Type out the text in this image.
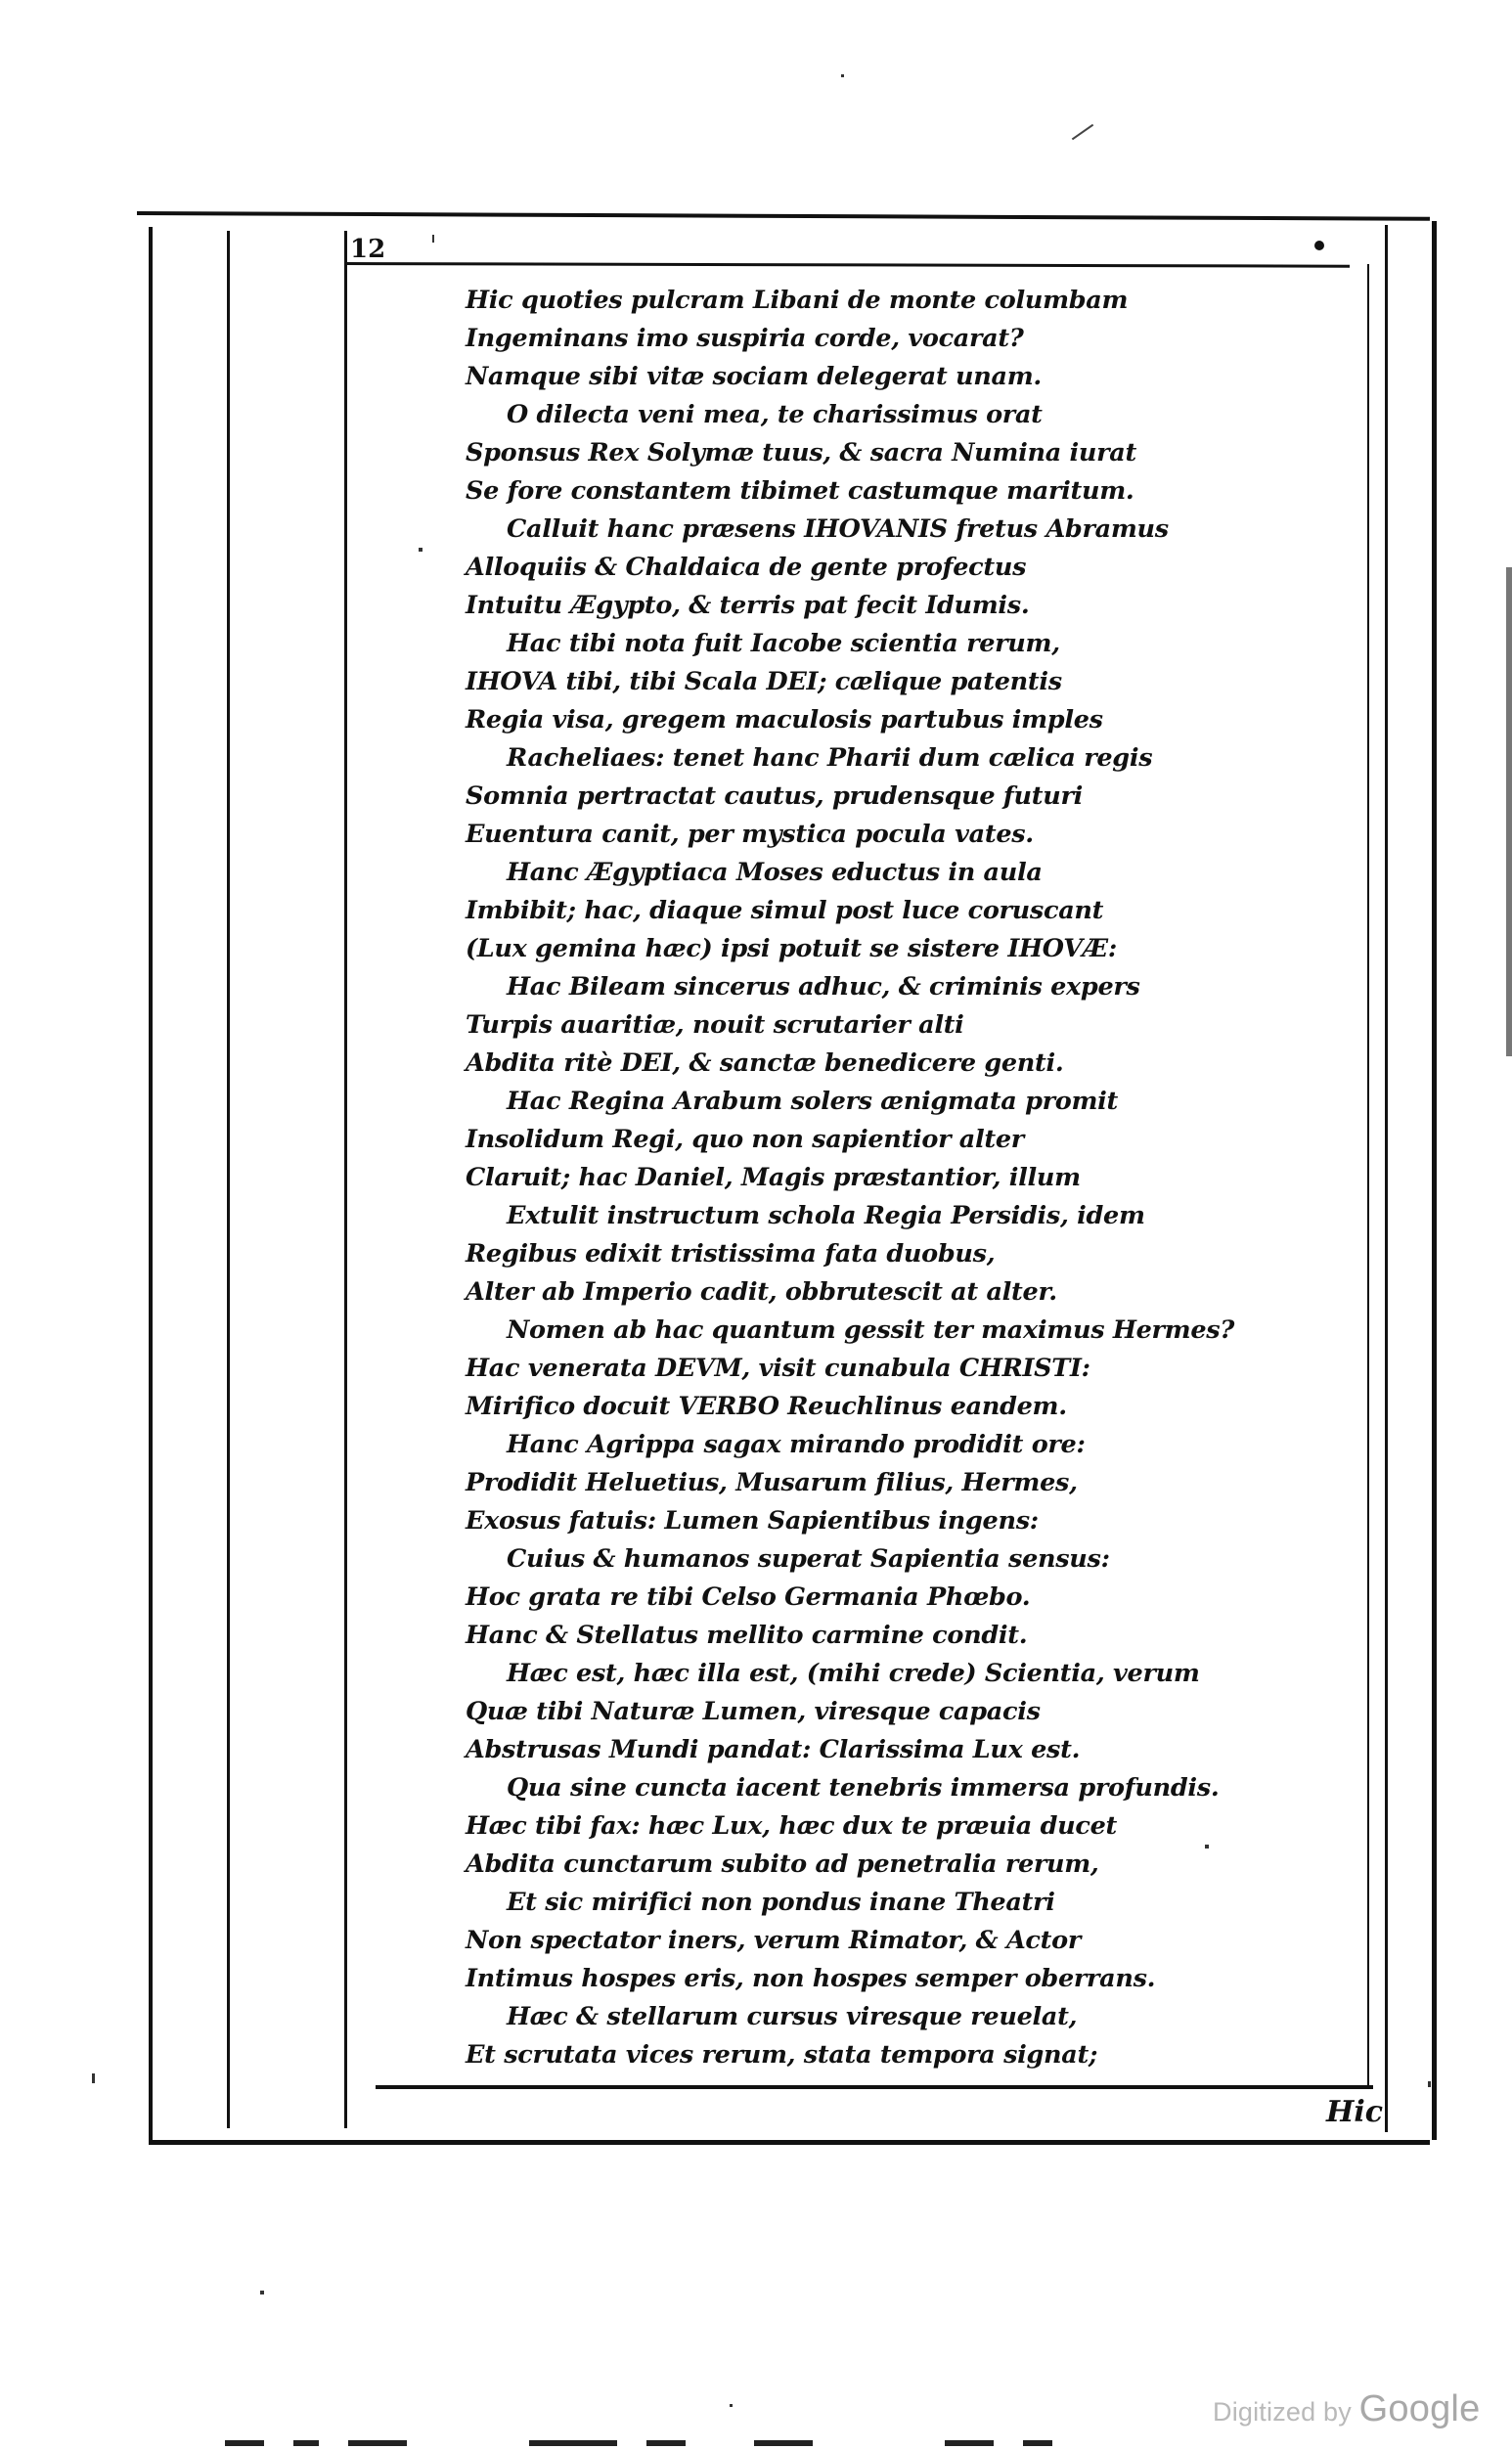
12
Hic quoties pulcram Libani de monte columbam
Ingeminans imo suspiria corde, vocarat?
Namque sibi vitæ sociam delegerat unam.
O dilecta veni mea, te charissimus orat
Sponsus Rex Solymæ tuus, & sacra Numina iurat
Se fore constantem tibimet castumque maritum.
Calluit hanc præsens IHOVANIS fretus Abramus
Alloquiis & Chaldaica de gente profectus
Intuitu Ægypto, & terris pat fecit Idumis.
Hac tibi nota fuit Iacobe scientia rerum,
IHOVA tibi, tibi Scala DEI; cælique patentis
Regia visa, gregem maculosis partubus imples
Racheliaes: tenet hanc Pharii dum cælica regis
Somnia pertractat cautus, prudensque futuri
Euentura canit, per mystica pocula vates.
Hanc Ægyptiaca Moses eductus in aula
Imbibit; hac, diaque simul post luce coruscant
(Lux gemina hæc) ipsi potuit se sistere IHOVÆ:
Hac Bileam sincerus adhuc, & criminis expers
Turpis auaritiæ, nouit scrutarier alti
Abdita ritè DEI, & sanctæ benedicere genti.
Hac Regina Arabum solers ænigmata promit
Insolidum Regi, quo non sapientior alter
Claruit; hac Daniel, Magis præstantior, illum
Extulit instructum schola Regia Persidis, idem
Regibus edixit tristissima fata duobus,
Alter ab Imperio cadit, obbrutescit at alter.
Nomen ab hac quantum gessit ter maximus Hermes?
Hac venerata DEVM, visit cunabula CHRISTI:
Mirifico docuit VERBO Reuchlinus eandem.
Hanc Agrippa sagax mirando prodidit ore:
Prodidit Heluetius, Musarum filius, Hermes,
Exosus fatuis: Lumen Sapientibus ingens:
Cuius & humanos superat Sapientia sensus:
Hoc grata re tibi Celso Germania Phœbo.
Hanc & Stellatus mellito carmine condit.
Hæc est, hæc illa est, (mihi crede) Scientia, verum
Quæ tibi Naturæ Lumen, viresque capacis
Abstrusas Mundi pandat: Clarissima Lux est.
Qua sine cuncta iacent tenebris immersa profundis.
Hæc tibi fax: hæc Lux, hæc dux te præuia ducet
Abdita cunctarum subito ad penetralia rerum,
Et sic mirifici non pondus inane Theatri
Non spectator iners, verum Rimator, & Actor
Intimus hospes eris, non hospes semper oberrans.
Hæc & stellarum cursus viresque reuelat,
Et scrutata vices rerum, stata tempora signat;
Hic
Digitized by Google
